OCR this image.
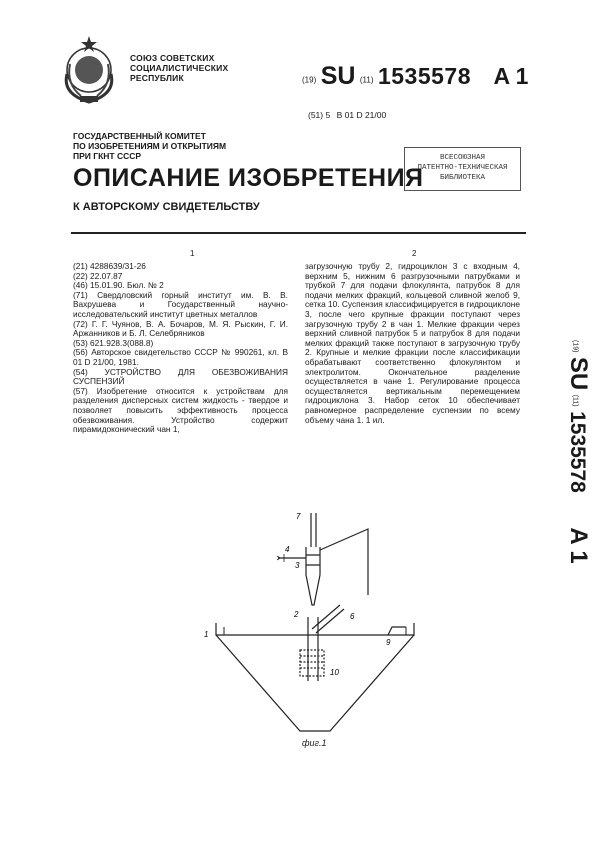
СОЮЗ СОВЕТСКИХ
СОЦИАЛИСТИЧЕСКИХ
РЕСПУБЛИК	(19) SU (11) 1535578 A 1
(51) 5 B 01 D 21/00
ГОСУДАРСТВЕННЫЙ КОМИТЕТ
ПО ИЗОБРЕТЕНИЯМ И ОТКРЫТИЯМ
ПРИ ГКНТ СССР	ВСЕСОЮЗНАЯ
ПАТЕНТНО-ТЕХНИЧЕСКАЯ
БИБЛИОТЕКА
ОПИСАНИЕ ИЗОБРЕТЕНИЯ
К АВТОРСКОМУ СВИДЕТЕЛЬСТВУ
1	2

(21) 4288639/31-26

(22) 22.07.87

(46) 15.01.90. Бюл. № 2

(71) Свердловский горный институт им. В. В. Вахрушева и Государственный научно-исследовательский институт цветных металлов

(72) Г. Г. Чуянов, В. А. Бочаров, М. Я. Рыскин, Г. И. Аржанников и Б. Л. Селебряников

(53) 621.928.3(088.8)

(56) Авторское свидетельство СССР № 990261, кл. В 01 D 21/00, 1981.

(54) УСТРОЙСТВО ДЛЯ ОБЕЗВОЖИВАНИЯ СУСПЕНЗИЙ

(57) Изобретение относится к устройствам для разделения дисперсных систем жидкость - твердое и позволяет повысить эффективность процесса обезвоживания. Устройство содержит пирамидоконический чан 1,

загрузочную трубу 2, гидроциклон 3 с входным 4, верхним 5, нижним 6 разгрузочными патрубками и трубкой 7 для подачи флокулянта, патрубок 8 для подачи мелких фракций, кольцевой сливной желоб 9, сетка 10. Суспензия классифицируется в гидроциклоне 3, после чего крупные фракции поступают через загрузочную трубу 2 в чан 1. Мелкие фракции через верхний сливной патрубок 5 и патрубок 8 для подачи мелких фракций также поступают в загрузочную трубу 2. Крупные и мелкие фракции после классификации обрабатывают соответственно флокулянтом и электролитом. Окончательное разделение осуществляется в чане 1. Регулирование процесса осуществляется вертикальным перемещением гидроциклона 3. Набор сеток 10 обеспечивает равномерное распределение суспензии по всему объему чана 1. 1 ил.

(19) SU (11) 1535578 A 1
1
2
3
4
6
7
9
10
фиг.1
